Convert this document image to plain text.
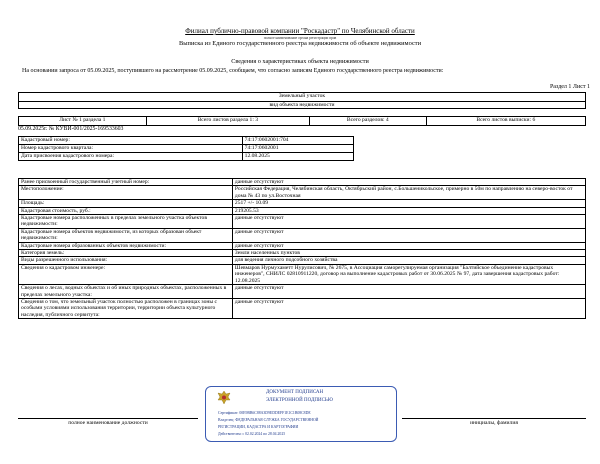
Филиал публично-правовой компании "Роскадастр" по Челябинской области
полное наименование органа регистрации прав
Выписка из Единого государственного реестра недвижимости об объекте недвижимости
Сведения о характеристиках объекта недвижимости
На основании запроса от 05.09.2025, поступившего на рассмотрение 05.09.2025, сообщаем, что согласно записям Единого государственного реестра недвижимости:
Раздел 1 Лист 1
Земельный участок
вид объекта недвижимости
Лист № 1 раздела 1	Всего листов раздела 1: 3	Всего разделов: 4	Всего листов выписки: 6
05.09.2025г. № КУВИ-001/2025-169533603
Кадастровый номер:	74:17:0602001:704
Номер кадастрового квартала:	74:17:0602001
Дата присвоения кадастрового номера:	12.08.2025
Ранее присвоенный государственный учетный номер:	данные отсутствуют
Местоположение:	Российская Федерация, Челябинская область, Октябрьский район, с.Большеникольское, примерно в 50м по направлению на северо-восток от дома № 43 по ул.Восточная
Площадь:	2517 +/- 10.09
Кадастровая стоимость, руб.:	219205.53
Кадастровые номера расположенных в пределах земельного участка объектов недвижимости:	данные отсутствуют
Кадастровые номера объектов недвижимости, из которых образован объект недвижимости:	данные отсутствуют
Кадастровые номера образованных объектов недвижимости:	данные отсутствуют
Категория земель:	Земли населенных пунктов
Виды разрешенного использования:	для ведения личного подсобного хозяйства
Сведения о кадастровом инженере:	Шевмаров Нурмухаметт Нурулисович, № 2675, в Ассоциация саморегулируемая организация "Балтийское объединение кадастровых инженеров", СНИЛС 02810911220, договор на выполнение кадастровых работ от 30.06.2025 № 97, дата завершения кадастровых работ: 12.08.2025
Сведения о лесах, водных объектах и об иных природных объектах, расположенных в пределах земельного участка:	данные отсутствуют
Сведения о том, что земельный участок полностью расположен в границах зоны с особыми условиями использования территории, территории объекта культурного наследия, публичного сервитута:	данные отсутствуют
ДОКУМЕНТ ПОДПИСАН
ЭЛЕКТРОННОЙ ПОДПИСЬЮ
Сертификат: 00E9BB6C88A3D9EDDEFF1E1C1B08C8DE
Владелец: ФЕДЕРАЛЬНАЯ СЛУЖБА ГОСУДАРСТВЕННОЙ
РЕГИСТРАЦИИ, КАДАСТРА И КАРТОГРАФИИ
Действителен: с 02.02.2024 по 28.04.2025
полное наименование должности	инициалы, фамилия
